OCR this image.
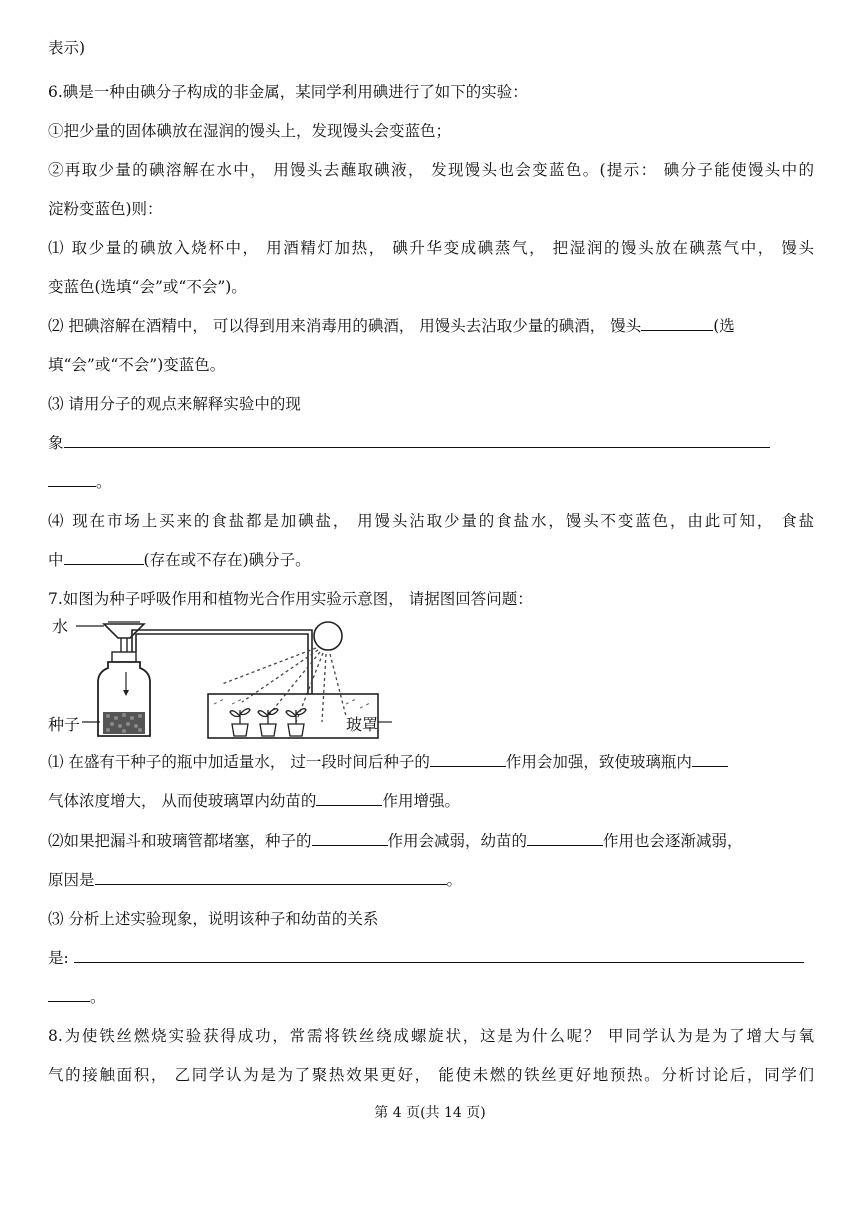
表示)
6.碘是一种由碘分子构成的非金属，某同学利用碘进行了如下的实验：
①把少量的固体碘放在湿润的馒头上，发现馒头会变蓝色；
②再取少量的碘溶解在水中， 用馒头去蘸取碘液， 发现馒头也会变蓝色。(提示： 碘分子能使馒头中的
淀粉变蓝色)则：
⑴ 取少量的碘放入烧杯中， 用酒精灯加热， 碘升华变成碘蒸气， 把湿润的馒头放在碘蒸气中， 馒头
变蓝色(选填“会”或“不会”)。
⑵ 把碘溶解在酒精中， 可以得到用来消毒用的碘酒， 用馒头去沾取少量的碘酒， 馒头	(选
填“会”或“不会”)变蓝色。
⑶ 请用分子的观点来解释实验中的现
象
。
⑷ 现在市场上买来的食盐都是加碘盐， 用馒头沾取少量的食盐水，馒头不变蓝色，由此可知， 食盐
中	(存在或不存在)碘分子。
7.如图为种子呼吸作用和植物光合作用实验示意图， 请据图回答问题：
水
种子	玻罩
⑴ 在盛有干种子的瓶中加适量水， 过一段时间后种子的	作用会加强，致使玻璃瓶内
气体浓度增大， 从而使玻璃罩内幼苗的	作用增强。
⑵如果把漏斗和玻璃管都堵塞，种子的	作用会减弱，幼苗的	作用也会逐渐减弱，
原因是	。
⑶ 分析上述实验现象，说明该种子和幼苗的关系
是:
。
8.为使铁丝燃烧实验获得成功，常需将铁丝绕成螺旋状，这是为什么呢？ 甲同学认为是为了增大与氧
气的接触面积， 乙同学认为是为了聚热效果更好， 能使未燃的铁丝更好地预热。分析讨论后，同学们
第 4 页(共 14 页)
